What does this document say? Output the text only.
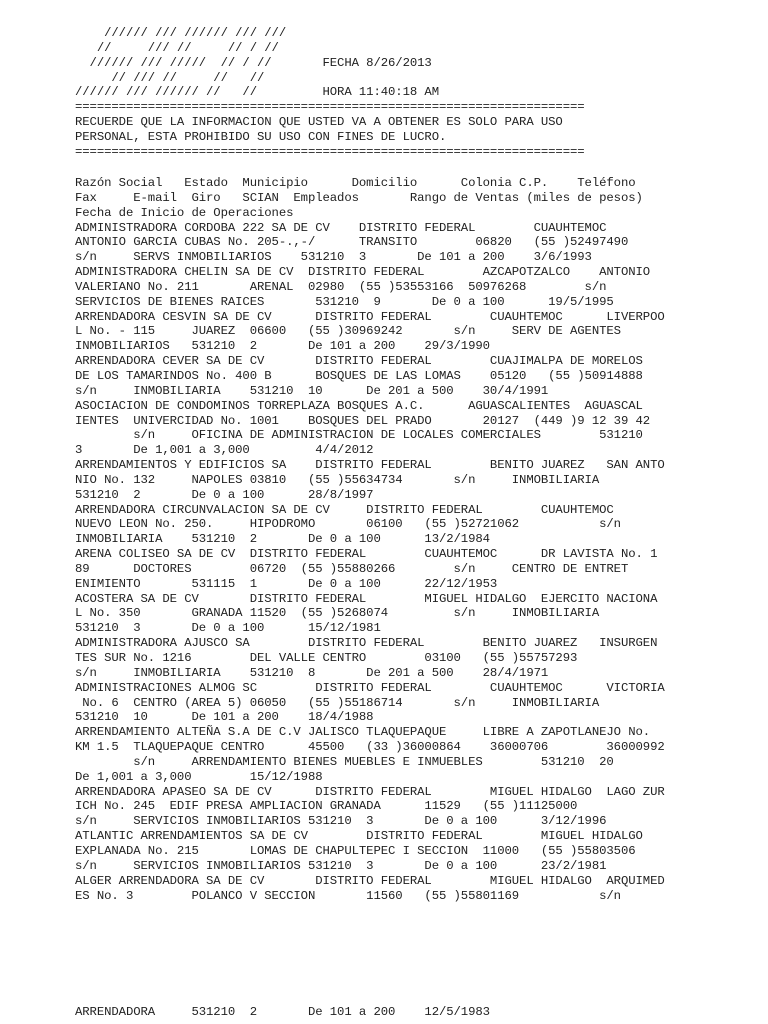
////// /// ////// /// ///
//     /// //     // / //
////// /// /////  // / //       FECHA 8/26/2013
// /// //     //   //
////// /// ////// //   //         HORA 11:40:18 AM
======================================================================
RECUERDE QUE LA INFORMACION QUE USTED VA A OBTENER ES SOLO PARA USO
PERSONAL, ESTA PROHIBIDO SU USO CON FINES DE LUCRO.
======================================================================
Razón Social   Estado  Municipio      Domicilio      Colonia C.P.    Teléfono
Fax     E-mail  Giro   SCIAN  Empleados       Rango de Ventas (miles de pesos)
Fecha de Inicio de Operaciones
ADMINISTRADORA CORDOBA 222 SA DE CV    DISTRITO FEDERAL        CUAUHTEMOC
ANTONIO GARCIA CUBAS No. 205-.,-/      TRANSITO        06820   (55 )52497490
s/n     SERVS INMOBILIARIOS    531210  3       De 101 a 200    3/6/1993
ADMINISTRADORA CHELIN SA DE CV  DISTRITO FEDERAL        AZCAPOTZALCO    ANTONIO
VALERIANO No. 211       ARENAL  02980  (55 )53553166  50976268        s/n
SERVICIOS DE BIENES RAICES       531210  9       De 0 a 100      19/5/1995
ARRENDADORA CESVIN SA DE CV      DISTRITO FEDERAL        CUAUHTEMOC      LIVERPOO
L No. - 115     JUAREZ  06600   (55 )30969242       s/n     SERV DE AGENTES
INMOBILIARIOS   531210  2       De 101 a 200    29/3/1990
ARRENDADORA CEVER SA DE CV       DISTRITO FEDERAL        CUAJIMALPA DE MORELOS
DE LOS TAMARINDOS No. 400 B      BOSQUES DE LAS LOMAS    05120   (55 )50914888
s/n     INMOBILIARIA    531210  10      De 201 a 500    30/4/1991
ASOCIACION DE CONDOMINOS TORREPLAZA BOSQUES A.C.      AGUASCALIENTES  AGUASCAL
IENTES  UNIVERCIDAD No. 1001    BOSQUES DEL PRADO       20127  (449 )9 12 39 42
s/n     OFICINA DE ADMINISTRACION DE LOCALES COMERCIALES        531210
3       De 1,001 a 3,000         4/4/2012
ARRENDAMIENTOS Y EDIFICIOS SA    DISTRITO FEDERAL        BENITO JUAREZ   SAN ANTO
NIO No. 132     NAPOLES 03810   (55 )55634734       s/n     INMOBILIARIA
531210  2       De 0 a 100      28/8/1997
ARRENDADORA CIRCUNVALACION SA DE CV     DISTRITO FEDERAL        CUAUHTEMOC
NUEVO LEON No. 250.     HIPODROMO       06100   (55 )52721062           s/n
INMOBILIARIA    531210  2       De 0 a 100      13/2/1984
ARENA COLISEO SA DE CV  DISTRITO FEDERAL        CUAUHTEMOC      DR LAVISTA No. 1
89      DOCTORES        06720  (55 )55880266        s/n     CENTRO DE ENTRET
ENIMIENTO       531115  1       De 0 a 100      22/12/1953
ACOSTERA SA DE CV       DISTRITO FEDERAL        MIGUEL HIDALGO  EJERCITO NACIONA
L No. 350       GRANADA 11520  (55 )5268074         s/n     INMOBILIARIA
531210  3       De 0 a 100      15/12/1981
ADMINISTRADORA AJUSCO SA        DISTRITO FEDERAL        BENITO JUAREZ   INSURGEN
TES SUR No. 1216        DEL VALLE CENTRO        03100   (55 )55757293
s/n     INMOBILIARIA    531210  8       De 201 a 500    28/4/1971
ADMINISTRACIONES ALMOG SC        DISTRITO FEDERAL        CUAUHTEMOC      VICTORIA
No. 6  CENTRO (AREA 5) 06050   (55 )55186714       s/n     INMOBILIARIA
531210  10      De 101 a 200    18/4/1988
ARRENDAMIENTO ALTEÑA S.A DE C.V JALISCO TLAQUEPAQUE     LIBRE A ZAPOTLANEJO No.
KM 1.5  TLAQUEPAQUE CENTRO      45500   (33 )36000864    36000706        36000992
s/n     ARRENDAMIENTO BIENES MUEBLES E INMUEBLES        531210  20
De 1,001 a 3,000        15/12/1988
ARRENDADORA APASEO SA DE CV      DISTRITO FEDERAL        MIGUEL HIDALGO  LAGO ZUR
ICH No. 245  EDIF PRESA AMPLIACION GRANADA      11529   (55 )11125000
s/n     SERVICIOS INMOBILIARIOS 531210  3       De 0 a 100      3/12/1996
ATLANTIC ARRENDAMIENTOS SA DE CV        DISTRITO FEDERAL        MIGUEL HIDALGO
EXPLANADA No. 215       LOMAS DE CHAPULTEPEC I SECCION  11000   (55 )55803506
s/n     SERVICIOS INMOBILIARIOS 531210  3       De 0 a 100      23/2/1981
ALGER ARRENDADORA SA DE CV       DISTRITO FEDERAL        MIGUEL HIDALGO  ARQUIMED
ES No. 3        POLANCO V SECCION       11560   (55 )55801169           s/n
ARRENDADORA     531210  2       De 101 a 200    12/5/1983
